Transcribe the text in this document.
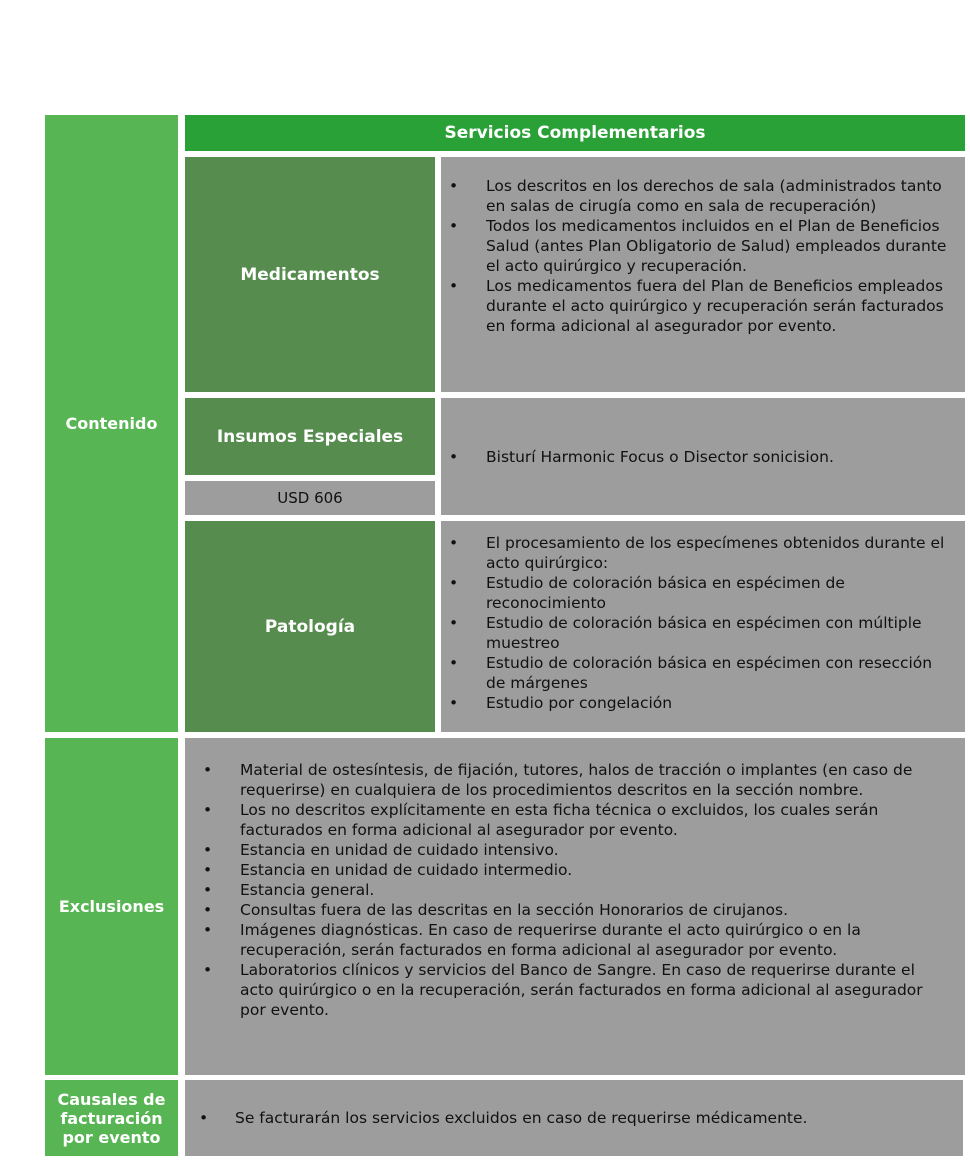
Contenido
Exclusiones
Causales de facturación por evento
Servicios Complementarios
Medicamentos
• Los descritos en los derechos de sala (administrados tanto en salas de cirugía como en sala de recuperación)
• Todos los medicamentos incluidos en el Plan de Beneficios Salud (antes Plan Obligatorio de Salud) empleados durante el acto quirúrgico y recuperación.
• Los medicamentos fuera del Plan de Beneficios empleados durante el acto quirúrgico y recuperación serán facturados en forma adicional al asegurador por evento.
Insumos Especiales
USD 606
• Bisturí Harmonic Focus o Disector sonicision.
Patología
• El procesamiento de los especímenes obtenidos durante el acto quirúrgico:
• Estudio de coloración básica en espécimen de reconocimiento
• Estudio de coloración básica en espécimen con múltiple muestreo
• Estudio de coloración básica en espécimen con resección de márgenes
• Estudio por congelación
• Material de ostesíntesis, de fijación, tutores, halos de tracción o implantes (en caso de requerirse) en cualquiera de los procedimientos descritos en la sección nombre.
• Los no descritos explícitamente en esta ficha técnica o excluidos, los cuales serán facturados en forma adicional al asegurador por evento.
• Estancia en unidad de cuidado intensivo.
• Estancia en unidad de cuidado intermedio.
• Estancia general.
• Consultas fuera de las descritas en la sección Honorarios de cirujanos.
• Imágenes diagnósticas. En caso de requerirse durante el acto quirúrgico o en la recuperación, serán facturados en forma adicional al asegurador por evento.
• Laboratorios clínicos y servicios del Banco de Sangre. En caso de requerirse durante el acto quirúrgico o en la recuperación, serán facturados en forma adicional al asegurador por evento.
• Se facturarán los servicios excluidos en caso de requerirse médicamente.
